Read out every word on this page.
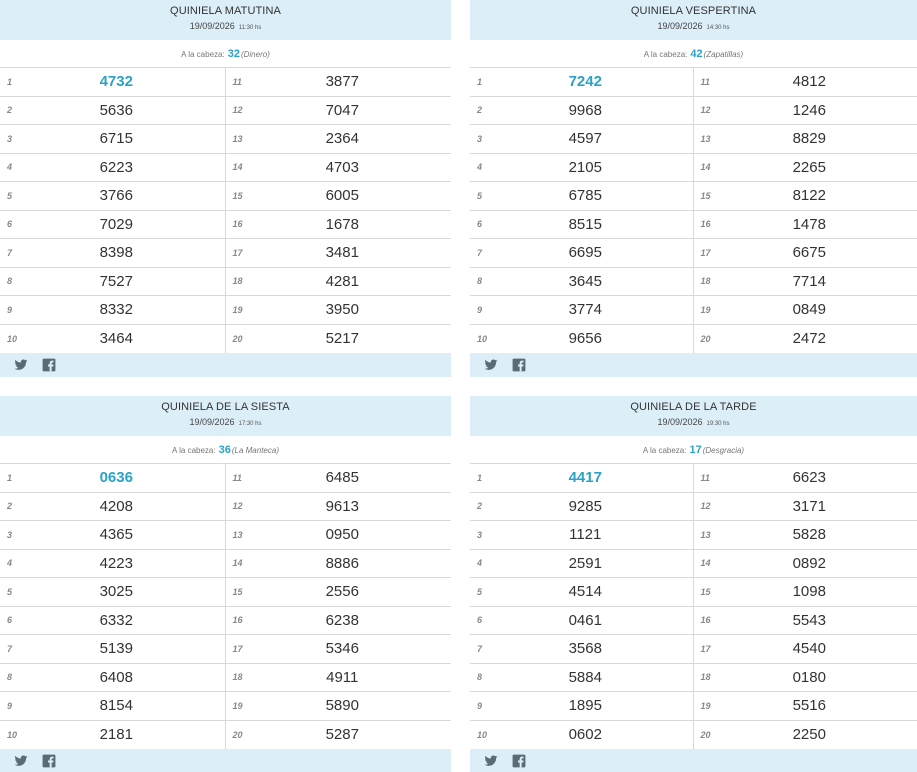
QUINIELA MATUTINA
19/09/2026 11:30 hs
A la cabeza: 32(Dinero)
1	4732
2	5636
3	6715
4	6223
5	3766
6	7029
7	8398
8	7527
9	8332
10	3464
11	3877
12	7047
13	2364
14	4703
15	6005
16	1678
17	3481
18	4281
19	3950
20	5217
QUINIELA VESPERTINA
19/09/2026 14:30 hs
A la cabeza: 42(Zapatillas)
1	7242
2	9968
3	4597
4	2105
5	6785
6	8515
7	6695
8	3645
9	3774
10	9656
11	4812
12	1246
13	8829
14	2265
15	8122
16	1478
17	6675
18	7714
19	0849
20	2472
QUINIELA DE LA SIESTA
19/09/2026 17:30 hs
A la cabeza: 36(La Manteca)
1	0636
2	4208
3	4365
4	4223
5	3025
6	6332
7	5139
8	6408
9	8154
10	2181
11	6485
12	9613
13	0950
14	8886
15	2556
16	6238
17	5346
18	4911
19	5890
20	5287
QUINIELA DE LA TARDE
19/09/2026 19:30 hs
A la cabeza: 17(Desgracia)
1	4417
2	9285
3	1121
4	2591
5	4514
6	0461
7	3568
8	5884
9	1895
10	0602
11	6623
12	3171
13	5828
14	0892
15	1098
16	5543
17	4540
18	0180
19	5516
20	2250
